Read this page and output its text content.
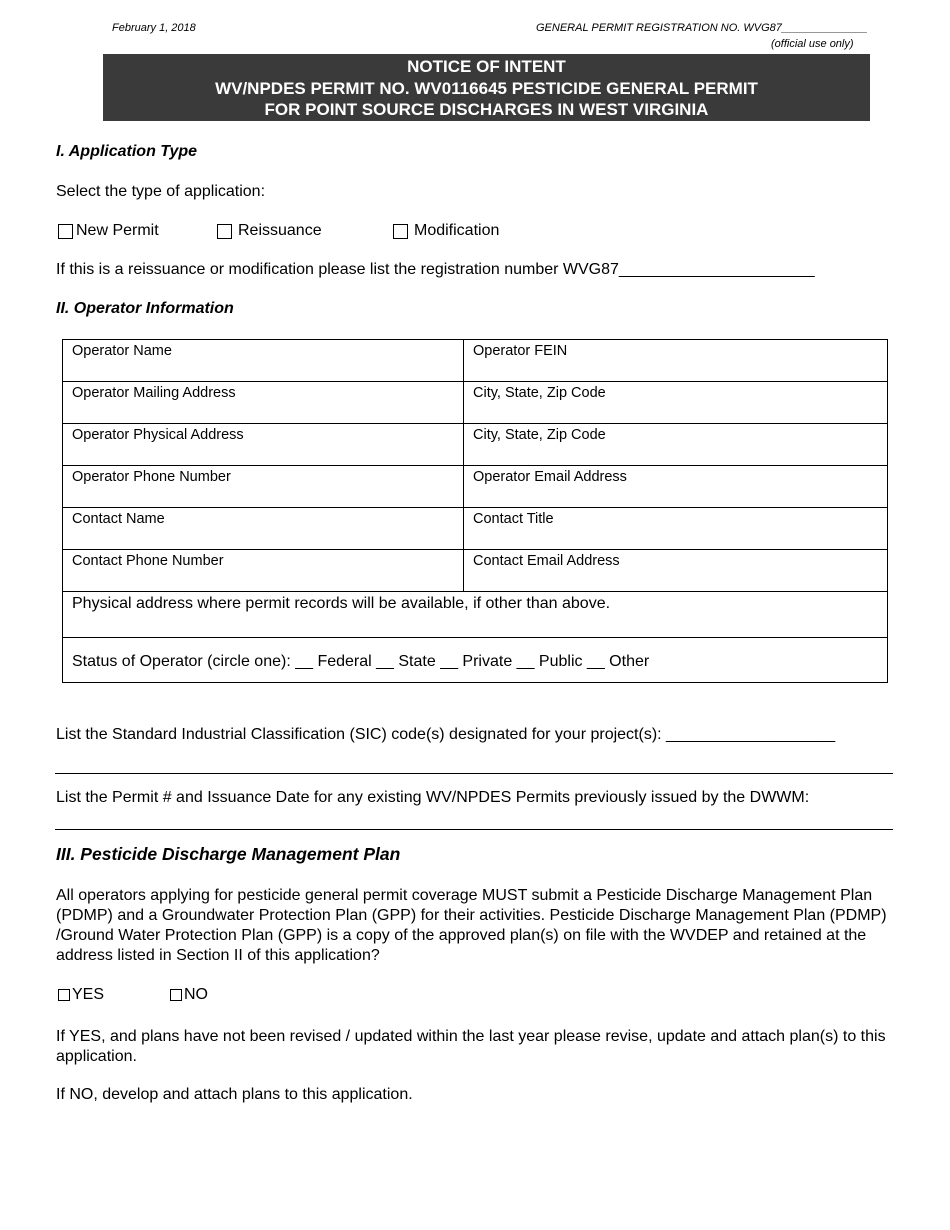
February 1, 2018	GENERAL PERMIT REGISTRATION NO. WVG87______________
(official use only)
NOTICE OF INTENT
WV/NPDES PERMIT NO. WV0116645 PESTICIDE GENERAL PERMIT
FOR POINT SOURCE DISCHARGES IN WEST VIRGINIA
I. Application Type
Select the type of application:
New Permit	Reissuance	Modification
If this is a reissuance or modification please list the registration number WVG87______________________
II. Operator Information
Operator Name	Operator FEIN
Operator Mailing Address	City, State, Zip Code
Operator Physical Address	City, State, Zip Code
Operator Phone Number	Operator Email Address
Contact Name	Contact Title
Contact Phone Number	Contact Email Address
Physical address where permit records will be available, if other than above.	
Status of Operator (circle one): __ Federal __ State __ Private __ Public __ Other	
List the Standard Industrial Classification (SIC) code(s) designated for your project(s): ___________________
List the Permit # and Issuance Date for any existing WV/NPDES Permits previously issued by the DWWM:
III. Pesticide Discharge Management Plan
All operators applying for pesticide general permit coverage MUST submit a Pesticide Discharge Management Plan (PDMP) and a Groundwater Protection Plan (GPP) for their activities. Pesticide Discharge Management Plan (PDMP) /Ground Water Protection Plan (GPP) is a copy of the approved plan(s) on file with the WVDEP and retained at the address listed in Section II of this application?
YES	NO
If YES, and plans have not been revised / updated within the last year please revise, update and attach plan(s) to this application.
If NO, develop and attach plans to this application.
